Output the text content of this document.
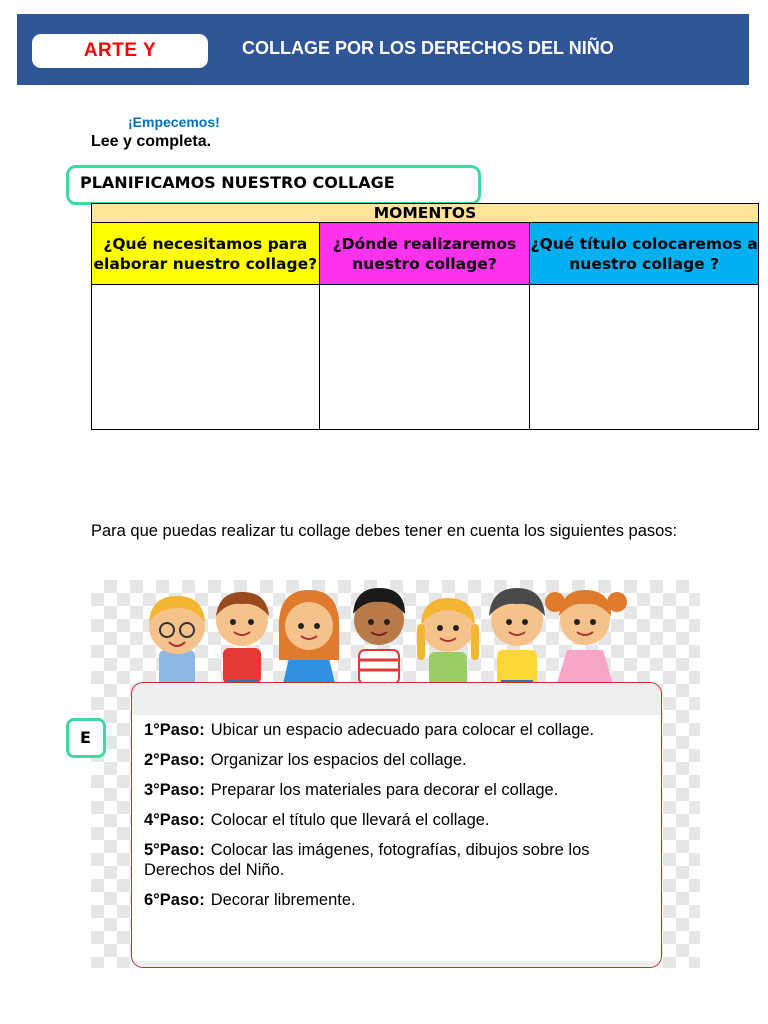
ARTE Y	COLLAGE POR LOS DERECHOS DEL NIÑO
¡Empecemos!
Lee y completa.
PLANIFICAMOS NUESTRO COLLAGE
MOMENTOS		
¿Qué necesitamos para elaborar nuestro collage?	¿Dónde realizaremos nuestro collage?	¿Qué título colocaremos a nuestro collage ?

Para que puedas realizar tu collage debes tener en cuenta los siguientes pasos:
E	1°Paso: Ubicar un espacio adecuado para colocar el collage.
2°Paso: Organizar los espacios del collage.
3°Paso: Preparar los materiales para decorar el collage.
4°Paso: Colocar el título que llevará el collage.
5°Paso: Colocar las imágenes, fotografías, dibujos sobre los Derechos del Niño.
6°Paso: Decorar libremente.
